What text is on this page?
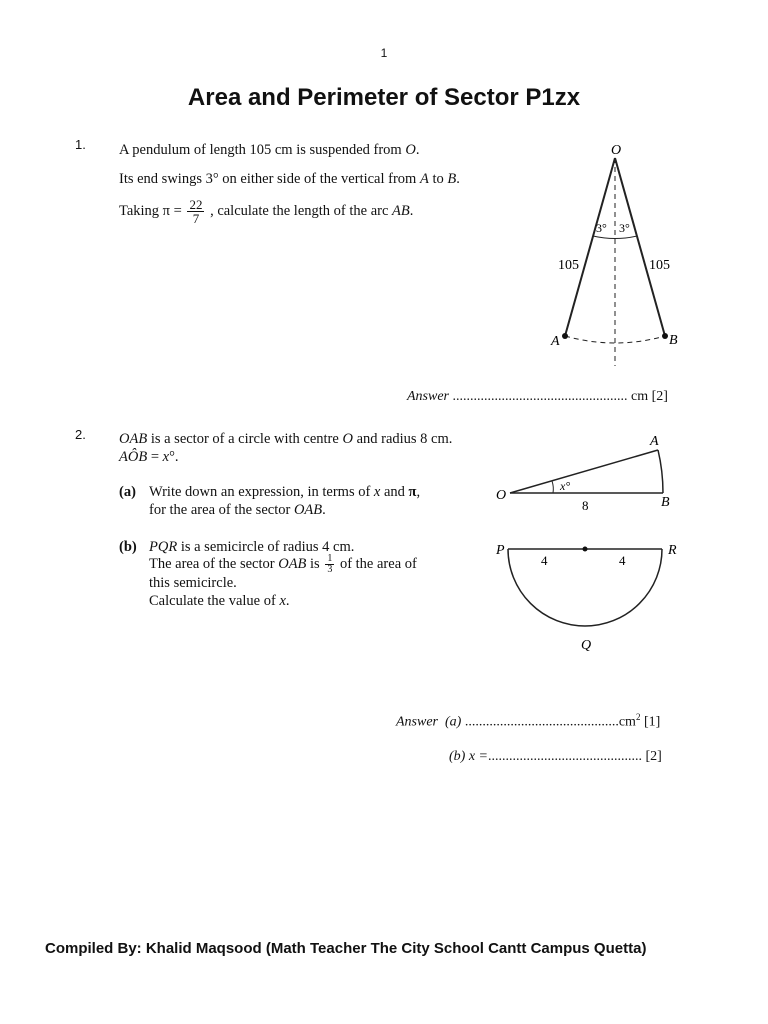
1
Area and Perimeter of Sector P1zx
1. A pendulum of length 105 cm is suspended from O.
Its end swings 3° on either side of the vertical from A to B.
Taking $\pi = \frac{22}{7}$ , calculate the length of the arc AB.
O
A	B
105	105
3° 3°
Answer .................................................. cm [2]
2. OAB is a sector of a circle with centre O and radius 8 cm.
AÔB = x°.
(a) Write down an expression, in terms of x and π,
for the area of the sector OAB.
(b) PQR is a semicircle of radius 4 cm.
The area of the sector OAB is $\frac{1}{3}$ of the area of
this semicircle.
Calculate the value of x.
O
A
B
x°
8
P	R
Q
4	4
Answer (a) $............................................cm^2$ [1]
(b) x =............................................ [2]
Compiled By: Khalid Maqsood (Math Teacher The City School Cantt Campus Quetta)
